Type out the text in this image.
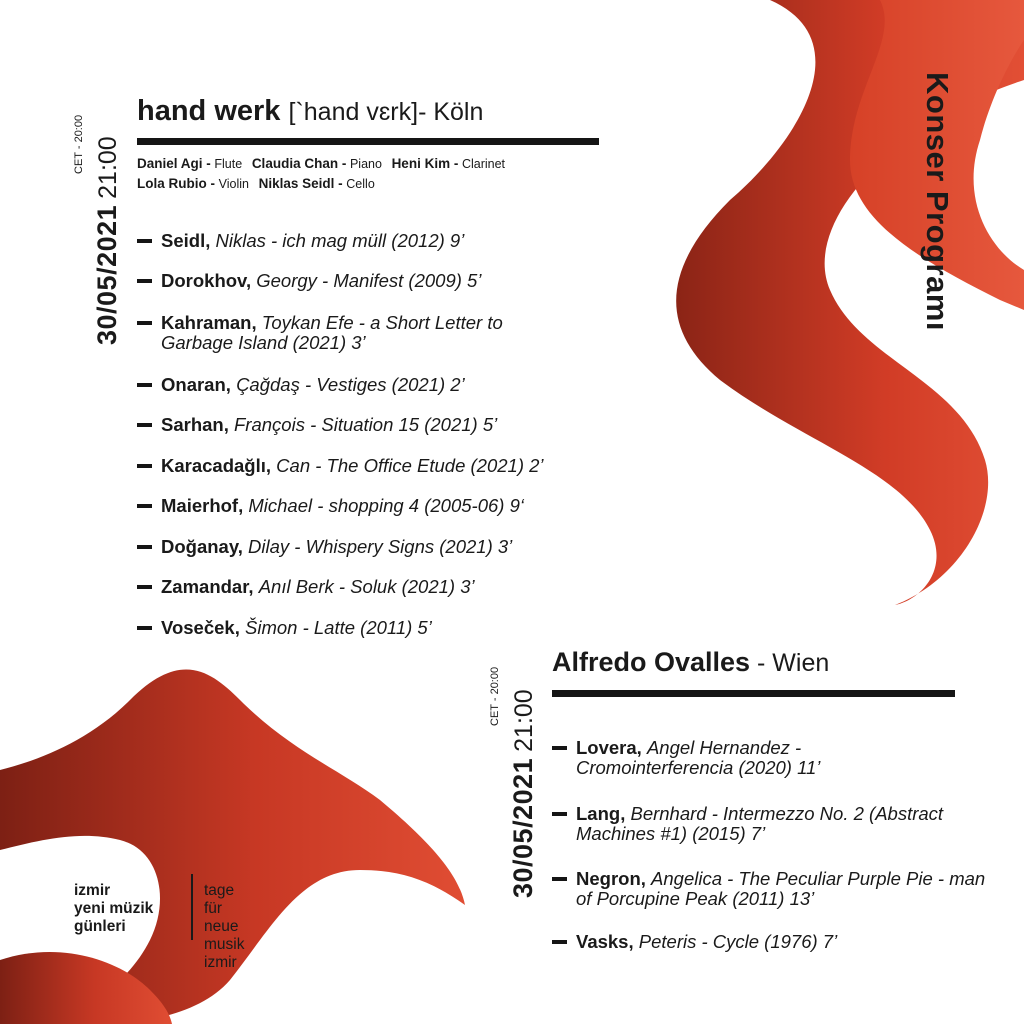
30/05/202121:00
CET - 20:00
hand werk [`hand vɛrk]- Köln
Daniel Agi - Flute Claudia Chan - Piano Heni Kim - Clarinet
Lola Rubio - Violin Niklas Seidl - Cello
Seidl, Niklas - ich mag müll (2012) 9’
Dorokhov, Georgy - Manifest (2009) 5’
Kahraman, Toykan Efe - a Short Letter to Garbage Island (2021) 3’
Onaran, Çağdaş - Vestiges (2021) 2’
Sarhan, François - Situation 15 (2021) 5’
Karacadağlı, Can - The Office Etude (2021) 2’
Maierhof, Michael - shopping 4 (2005-06) 9‘
Doğanay, Dilay - Whispery Signs (2021) 3’
Zamandar, Anıl Berk - Soluk (2021) 3’
Voseček, Šimon - Latte (2011) 5’
Konser Programı
30/05/202121:00
CET - 20:00
Alfredo Ovalles - Wien
Lovera, Angel Hernandez - Cromointerferencia (2020) 11’
Lang, Bernhard - Intermezzo No. 2 (Abstract Machines #1) (2015) 7’
Negron, Angelica - The Peculiar Purple Pie - man of Porcupine Peak (2011) 13’
Vasks, Peteris - Cycle (1976) 7’
izmir
yeni müzik
günleri
tage für
neue musik
izmir
